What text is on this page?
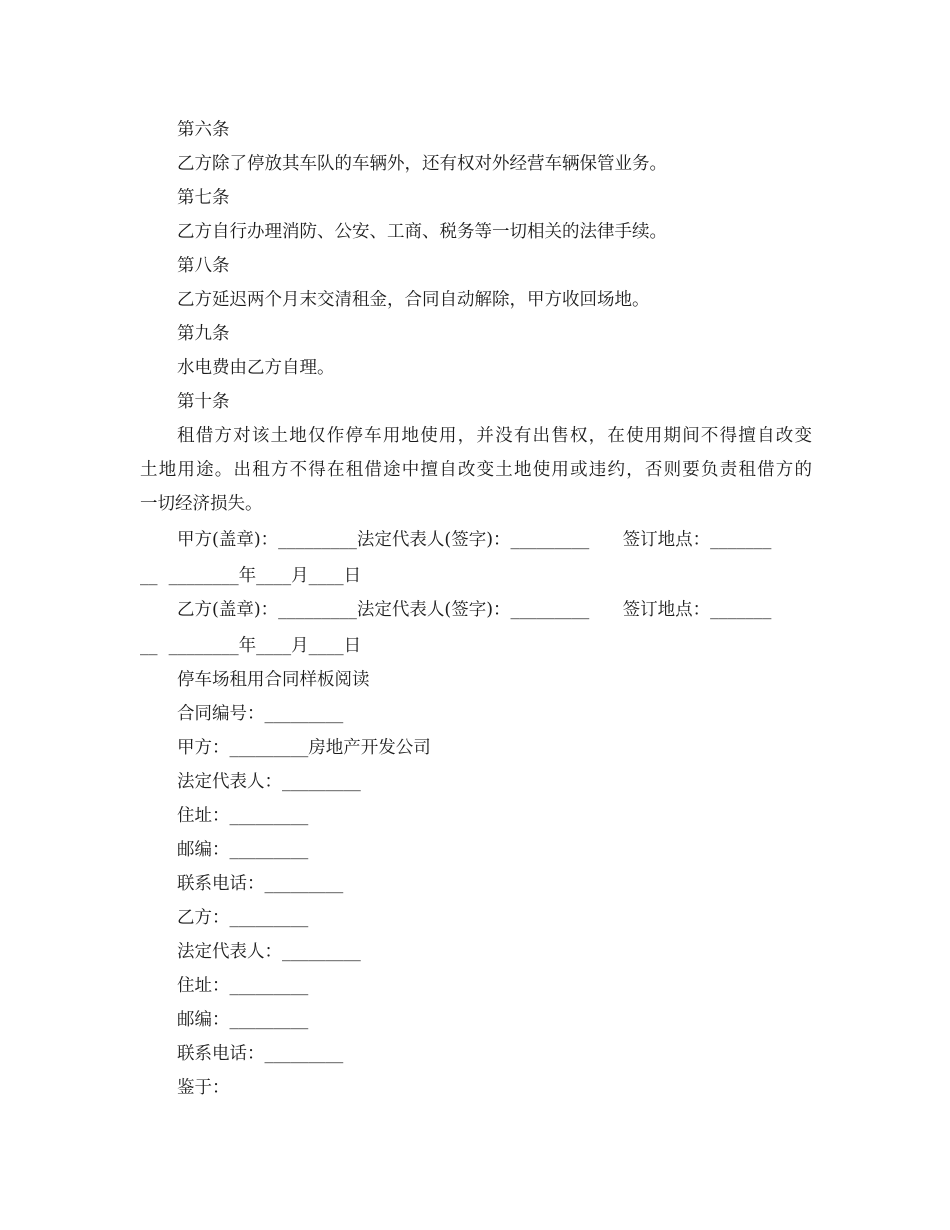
第六条
乙方除了停放其车队的车辆外，还有权对外经营车辆保管业务。
第七条
乙方自行办理消防、公安、工商、税务等一切相关的法律手续。
第八条
乙方延迟两个月末交清租金，合同自动解除，甲方收回场地。
第九条
水电费由乙方自理。
第十条
租借方对该土地仅作停车用地使用，并没有出售权，在使用期间不得擅自改变
土地用途。出租方不得在租借途中擅自改变土地使用或违约，否则要负责租借方的
一切经济损失。
甲方(盖章)：_________法定代表人(签字)：_________      签订地点：_______
__  ________年____月____日
乙方(盖章)：_________法定代表人(签字)：_________      签订地点：_______
__  ________年____月____日
停车场租用合同样板阅读
合同编号：_________
甲方：_________房地产开发公司
法定代表人：_________
住址：_________
邮编：_________
联系电话：_________
乙方：_________
法定代表人：_________
住址：_________
邮编：_________
联系电话：_________
鉴于：
